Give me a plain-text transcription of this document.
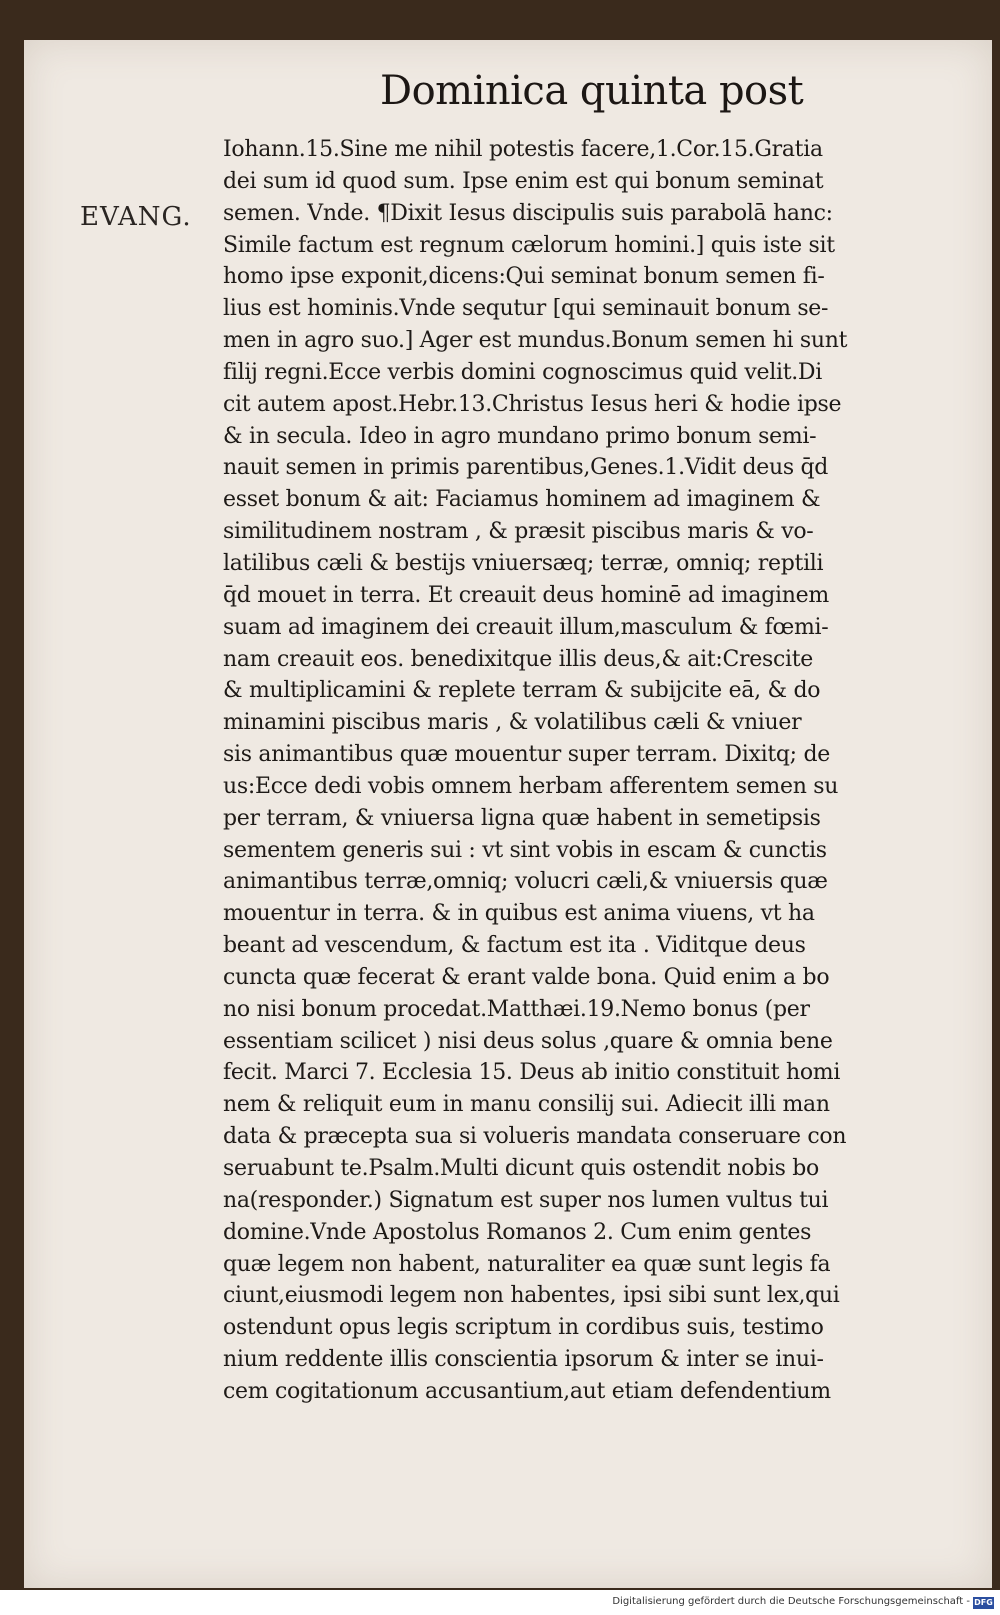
Dominica quinta post
EVANG.
Iohann.15.Sine me nihil potestis facere,1.Cor.15.Gratia
dei sum id quod sum. Ipse enim est qui bonum seminat
semen. Vnde. ¶Dixit Iesus discipulis suis parabolā hanc:
Simile factum est regnum cælorum homini.] quis iste sit
homo ipse exponit,dicens:Qui seminat bonum semen fi-
lius est hominis.Vnde sequtur [qui seminauit bonum se-
men in agro suo.] Ager est mundus.Bonum semen hi sunt
filij regni.Ecce verbis domini cognoscimus quid velit.Di
cit autem apost.Hebr.13.Christus Iesus heri & hodie ipse
& in secula. Ideo in agro mundano primo bonum semi-
nauit semen in primis parentibus,Genes.1.Vidit deus q̄d
esset bonum & ait: Faciamus hominem ad imaginem &
similitudinem nostram , & præsit piscibus maris & vo-
latilibus cæli & bestijs vniuersæq; terræ, omniq; reptili
q̄d mouet in terra. Et creauit deus hominē ad imaginem
suam ad imaginem dei creauit illum,masculum & fœmi-
nam creauit eos. benedixitque illis deus,& ait:Crescite
& multiplicamini & replete terram & subijcite eā, & do
minamini piscibus maris , & volatilibus cæli & vniuer
sis animantibus quæ mouentur super terram. Dixitq; de
us:Ecce dedi vobis omnem herbam afferentem semen su
per terram, & vniuersa ligna quæ habent in semetipsis
sementem generis sui : vt sint vobis in escam & cunctis
animantibus terræ,omniq; volucri cæli,& vniuersis quæ
mouentur in terra. & in quibus est anima viuens, vt ha
beant ad vescendum, & factum est ita . Viditque deus
cuncta quæ fecerat & erant valde bona. Quid enim a bo
no nisi bonum procedat.Matthæi.19.Nemo bonus (per
essentiam scilicet ) nisi deus solus ,quare & omnia bene
fecit. Marci 7. Ecclesia 15. Deus ab initio constituit homi
nem & reliquit eum in manu consilij sui. Adiecit illi man
data & præcepta sua si volueris mandata conseruare con
seruabunt te.Psalm.Multi dicunt quis ostendit nobis bo
na(responder.) Signatum est super nos lumen vultus tui
domine.Vnde Apostolus Romanos 2. Cum enim gentes
quæ legem non habent, naturaliter ea quæ sunt legis fa
ciunt,eiusmodi legem non habentes, ipsi sibi sunt lex,qui
ostendunt opus legis scriptum in cordibus suis, testimo
nium reddente illis conscientia ipsorum & inter se inui-
cem cogitationum accusantium,aut etiam defendentium
Digitalisierung gefördert durch die Deutsche Forschungsgemeinschaft - DFG
